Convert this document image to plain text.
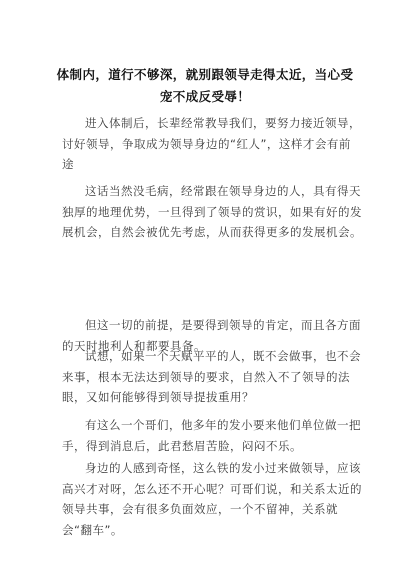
体制内，道行不够深，就别跟领导走得太近，当心受宠不成反受辱！

进入体制后，长辈经常教导我们，要努力接近领导，讨好领导，争取成为领导身边的“红人”，这样才会有前途

这话当然没毛病，经常跟在领导身边的人，具有得天独厚的地理优势，一旦得到了领导的赏识，如果有好的发展机会，自然会被优先考虑，从而获得更多的发展机会。

但这一切的前提，是要得到领导的肯定，而且各方面的天时地利人和都要具备。

试想，如果一个天赋平平的人，既不会做事，也不会来事，根本无法达到领导的要求，自然入不了领导的法眼，又如何能够得到领导提拔重用？

有这么一个哥们，他多年的发小要来他们单位做一把手，得到消息后，此君愁眉苦脸，闷闷不乐。

身边的人感到奇怪，这么铁的发小过来做领导，应该高兴才对呀，怎么还不开心呢？可哥们说，和关系太近的领导共事，会有很多负面效应，一个不留神，关系就会“翻车”。
